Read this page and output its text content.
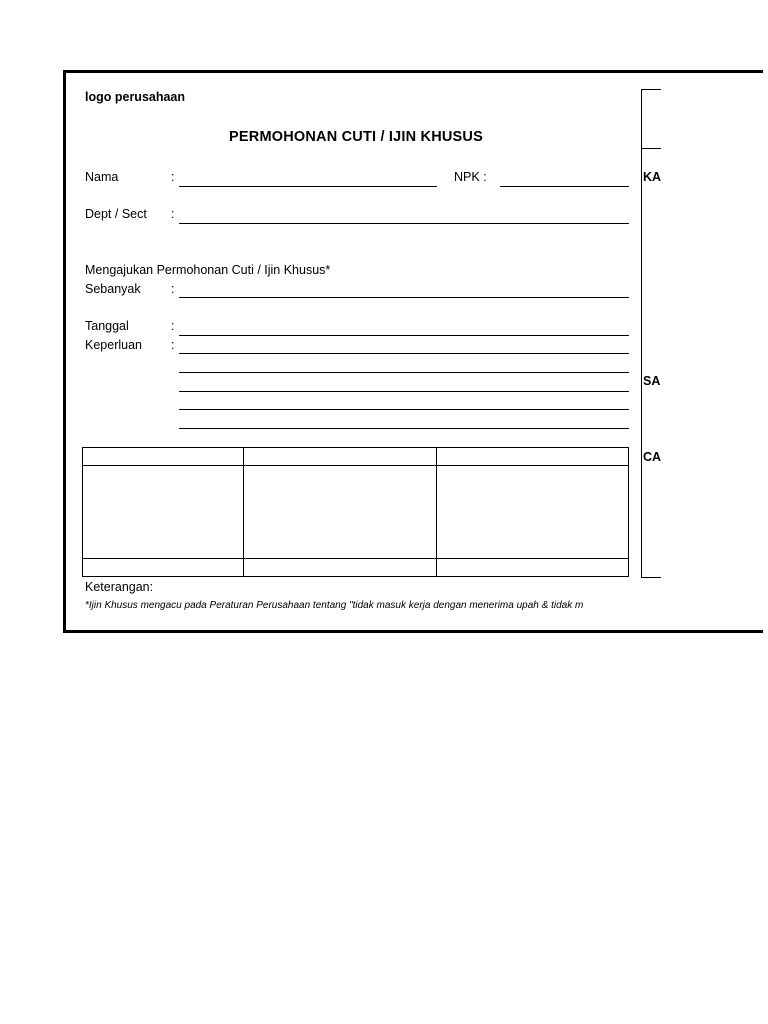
logo perusahaan
PERMOHONAN CUTI / IJIN KHUSUS
Nama	:	NPK :
Dept / Sect :
Mengajukan Permohonan Cuti / Ijin Khusus*
Sebanyak :
Tanggal	:
Keperluan :
Keterangan:
*Ijin Khusus mengacu pada Peraturan Perusahaan tentang "tidak masuk kerja dengan menerima upah & tidak m
KA
SA
CA
